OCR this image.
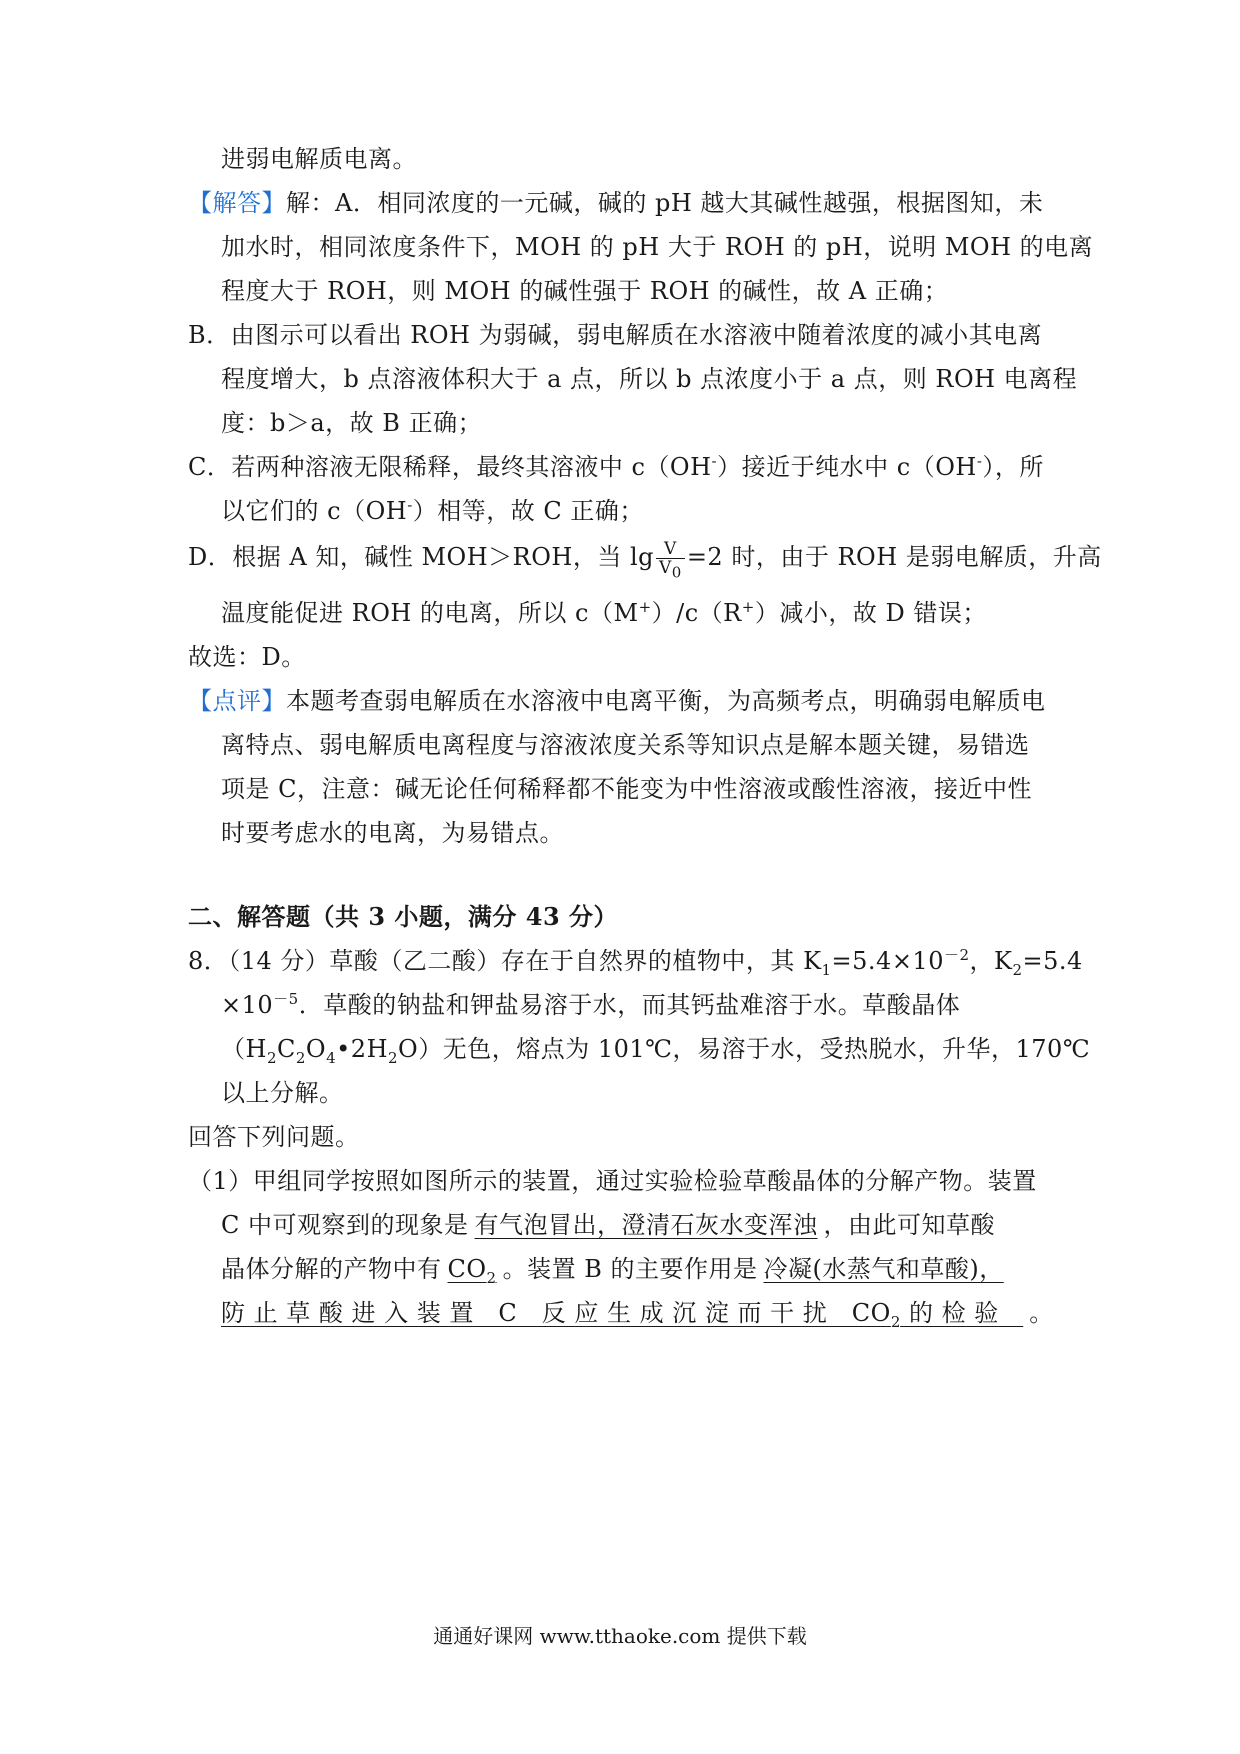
进弱电解质电离。
【解答】解：A．相同浓度的一元碱，碱的 pH 越大其碱性越强，根据图知，未
加水时，相同浓度条件下，MOH 的 pH 大于 ROH 的 pH，说明 MOH 的电离
程度大于 ROH，则 MOH 的碱性强于 ROH 的碱性，故 A 正确；
B．由图示可以看出 ROH 为弱碱，弱电解质在水溶液中随着浓度的减小其电离
程度增大，b 点溶液体积大于 a 点，所以 b 点浓度小于 a 点，则 ROH 电离程
度：b＞a，故 B 正确；
C．若两种溶液无限稀释，最终其溶液中 c（OH-）接近于纯水中 c（OH-），所
以它们的 c（OH-）相等，故 C 正确；
D．根据 A 知，碱性 MOH＞ROH，当 $\lg \frac{V}{V_0} =2$ 时，由于 ROH 是弱电解质，升高
温度能促进 ROH 的电离，所以 c（M+）/c（R+）减小，故 D 错误；
故选：D。
【点评】本题考查弱电解质在水溶液中电离平衡，为高频考点，明确弱电解质电
离特点、弱电解质电离程度与溶液浓度关系等知识点是解本题关键，易错选
项是 C，注意：碱无论任何稀释都不能变为中性溶液或酸性溶液，接近中性
时要考虑水的电离，为易错点。
二、解答题（共 3 小题，满分 43 分）
8．（14 分）草酸（乙二酸）存在于自然界的植物中，其 $K_1=5.4\times 10^{-2}$，$K_2=5.4$
$\times 10^{-5}$．草酸的钠盐和钾盐易溶于水，而其钙盐难溶于水。草酸晶体
$(H_2C_2O_4•2H_2O)$无色，熔点为 101℃，易溶于水，受热脱水，升华，170℃
以上分解。
回答下列问题。
（1）甲组同学按照如图所示的装置，通过实验检验草酸晶体的分解产物。装置
C 中可观察到的现象是 有气泡冒出，澄清石灰水变浑浊 ，由此可知草酸
晶体分解的产物中有 $CO_2$ 。装置 B 的主要作用是 冷凝(水蒸气和草酸)，
防 止 草 酸 进 入 装 置　C　反 应 生 成 沉 淀 而 干 扰　$CO_2$ 的 检 验　 。
通通好课网 www.tthaoke.com 提供下载
